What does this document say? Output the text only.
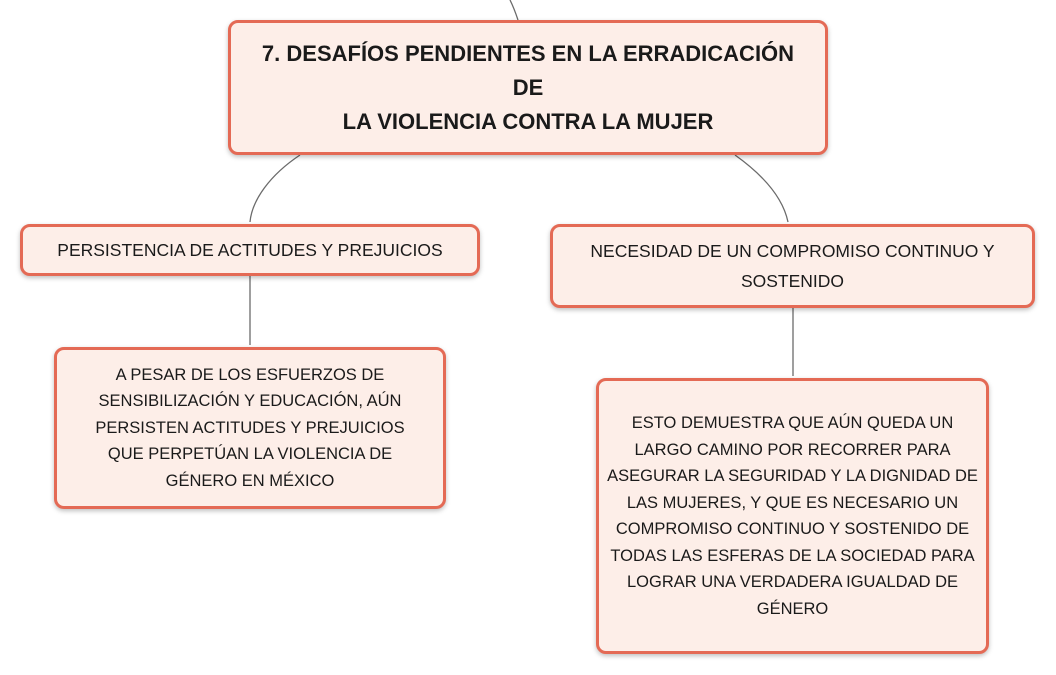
7. DESAFÍOS PENDIENTES EN LA ERRADICACIÓN DE
LA VIOLENCIA CONTRA LA MUJER
PERSISTENCIA DE ACTITUDES Y PREJUICIOS	NECESIDAD DE UN COMPROMISO CONTINUO Y SOSTENIDO
A PESAR DE LOS ESFUERZOS DE SENSIBILIZACIÓN Y EDUCACIÓN, AÚN PERSISTEN ACTITUDES Y PREJUICIOS QUE PERPETÚAN LA VIOLENCIA DE GÉNERO EN MÉXICO
ESTO DEMUESTRA QUE AÚN QUEDA UN LARGO CAMINO POR RECORRER PARA ASEGURAR LA SEGURIDAD Y LA DIGNIDAD DE LAS MUJERES, Y QUE ES NECESARIO UN COMPROMISO CONTINUO Y SOSTENIDO DE TODAS LAS ESFERAS DE LA SOCIEDAD PARA LOGRAR UNA VERDADERA IGUALDAD DE GÉNERO
